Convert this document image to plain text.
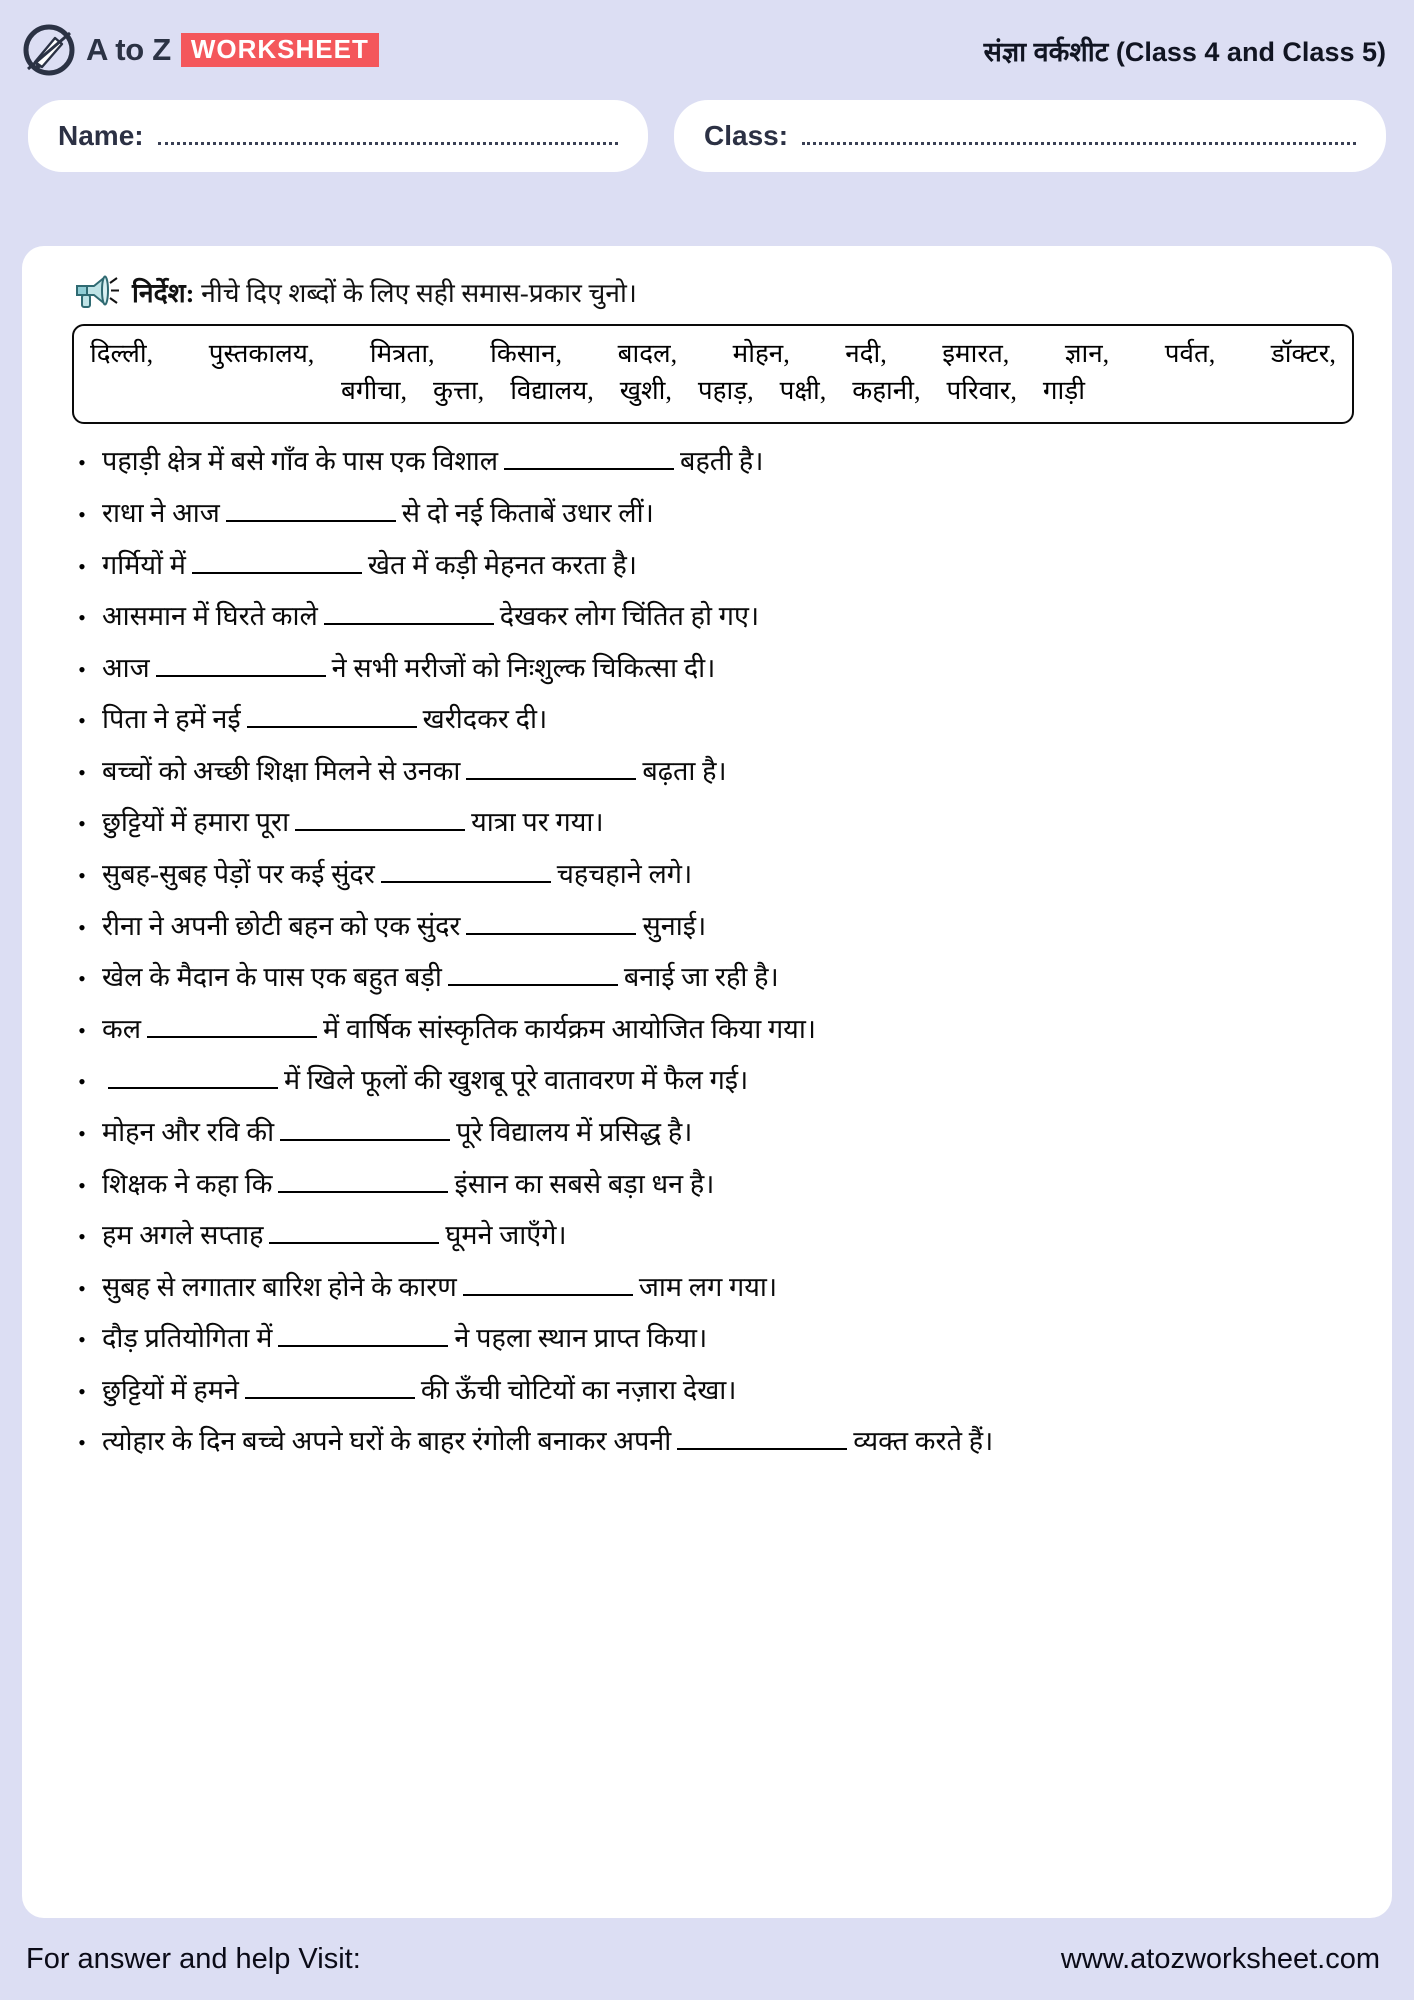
A to Z WORKSHEET	संज्ञा वर्कशीट (Class 4 and Class 5)
Name:	Class:
निर्देश: नीचे दिए शब्दों के लिए सही समास-प्रकार चुनो।
दिल्ली, पुस्तकालय, मित्रता, किसान, बादल, मोहन, नदी, इमारत, ज्ञान, पर्वत, डॉक्टर,
बगीचा, कुत्ता, विद्यालय, खुशी, पहाड़, पक्षी, कहानी, परिवार, गाड़ी
• पहाड़ी क्षेत्र में बसे गाँव के पास एक विशाल	बहती है।
• राधा ने आज	से दो नई किताबें उधार लीं।
• गर्मियों में	खेत में कड़ी मेहनत करता है।
• आसमान में घिरते काले	देखकर लोग चिंतित हो गए।
• आज	ने सभी मरीजों को निःशुल्क चिकित्सा दी।
• पिता ने हमें नई	खरीदकर दी।
• बच्चों को अच्छी शिक्षा मिलने से उनका	बढ़ता है।
• छुट्टियों में हमारा पूरा	यात्रा पर गया।
• सुबह-सुबह पेड़ों पर कई सुंदर	चहचहाने लगे।
• रीना ने अपनी छोटी बहन को एक सुंदर	सुनाई।
• खेल के मैदान के पास एक बहुत बड़ी	बनाई जा रही है।
• कल	में वार्षिक सांस्कृतिक कार्यक्रम आयोजित किया गया।
•	में खिले फूलों की खुशबू पूरे वातावरण में फैल गई।
• मोहन और रवि की	पूरे विद्यालय में प्रसिद्ध है।
• शिक्षक ने कहा कि	इंसान का सबसे बड़ा धन है।
• हम अगले सप्ताह	घूमने जाएँगे।
• सुबह से लगातार बारिश होने के कारण	जाम लग गया।
• दौड़ प्रतियोगिता में	ने पहला स्थान प्राप्त किया।
• छुट्टियों में हमने	की ऊँची चोटियों का नज़ारा देखा।
• त्योहार के दिन बच्चे अपने घरों के बाहर रंगोली बनाकर अपनी	व्यक्त करते हैं।
For answer and help Visit:	www.atozworksheet.com
